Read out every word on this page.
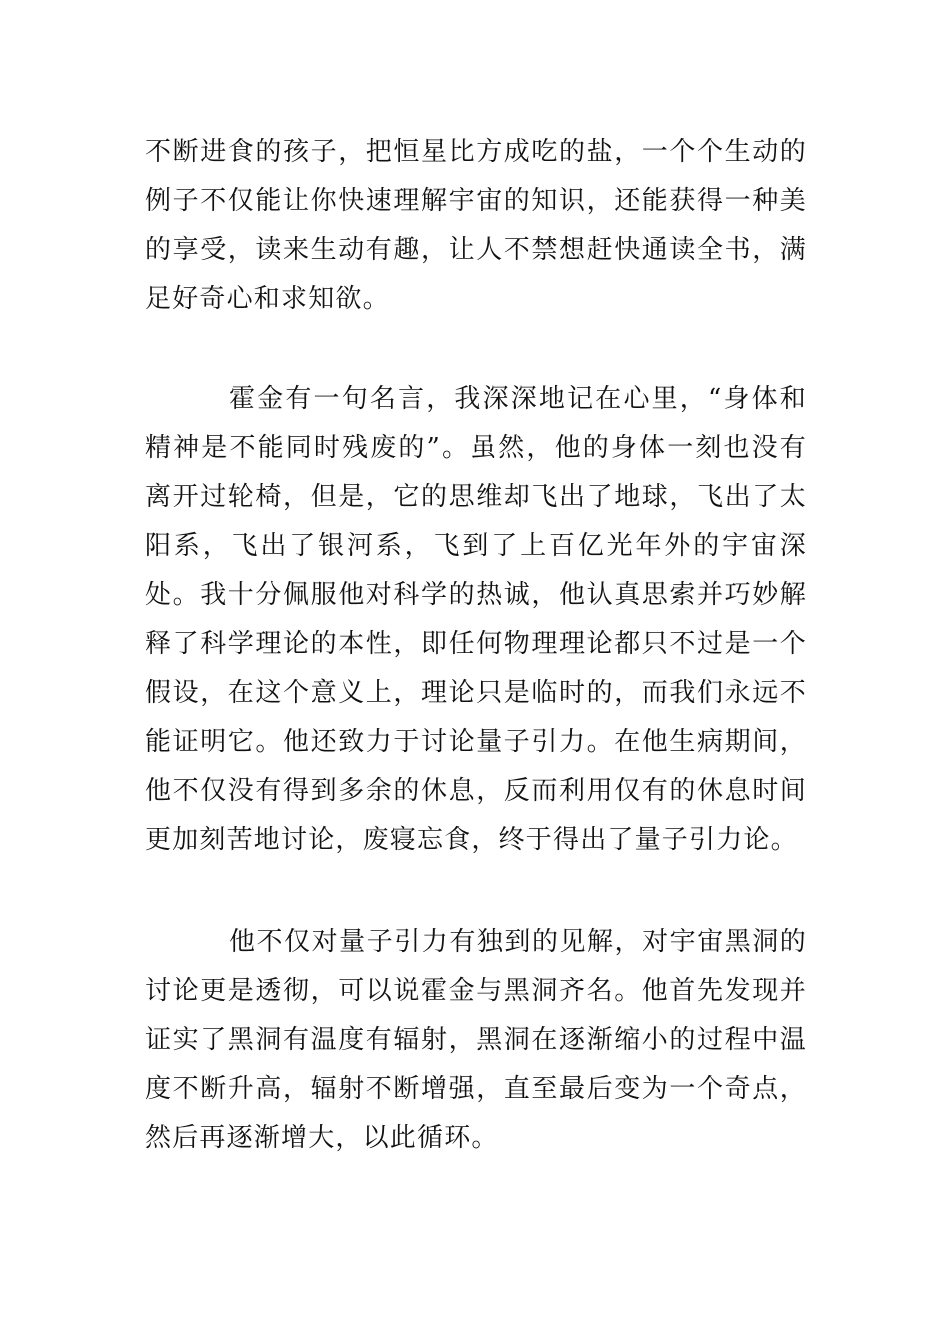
不断进食的孩子，把恒星比方成吃的盐，一个个生动的例子不仅能让你快速理解宇宙的知识，还能获得一种美的享受，读来生动有趣，让人不禁想赶快通读全书，满足好奇心和求知欲。

霍金有一句名言，我深深地记在心里，“身体和精神是不能同时残废的”。虽然，他的身体一刻也没有离开过轮椅，但是，它的思维却飞出了地球，飞出了太阳系，飞出了银河系，飞到了上百亿光年外的宇宙深处。我十分佩服他对科学的热诚，他认真思索并巧妙解释了科学理论的本性，即任何物理理论都只不过是一个假设，在这个意义上，理论只是临时的，而我们永远不能证明它。他还致力于讨论量子引力。在他生病期间，他不仅没有得到多余的休息，反而利用仅有的休息时间更加刻苦地讨论，废寝忘食，终于得出了量子引力论。

他不仅对量子引力有独到的见解，对宇宙黑洞的讨论更是透彻，可以说霍金与黑洞齐名。他首先发现并证实了黑洞有温度有辐射，黑洞在逐渐缩小的过程中温度不断升高，辐射不断增强，直至最后变为一个奇点，然后再逐渐增大，以此循环。
